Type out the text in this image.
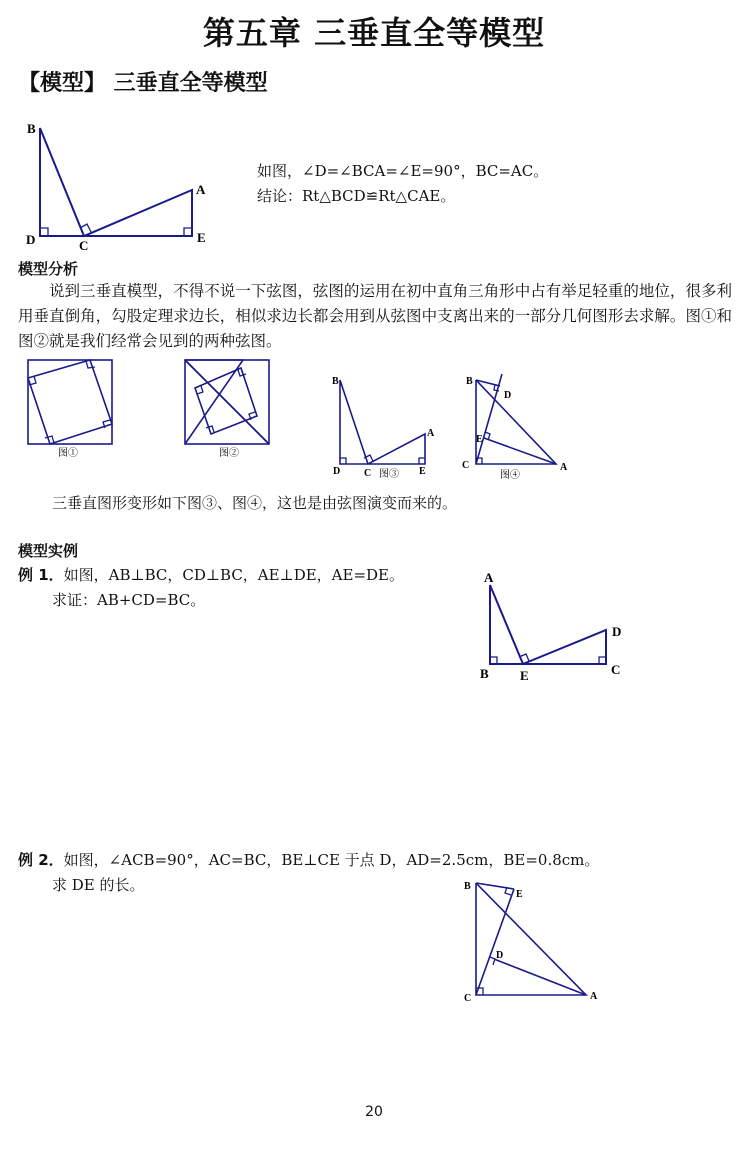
第五章 三垂直全等模型
【模型】 三垂直全等模型
B
A
D	C
E
如图，∠D=∠BCA=∠E=90°，BC=AC。
结论：Rt△BCD≌Rt△CAE。
模型分析
说到三垂直模型，不得不说一下弦图，弦图的运用在初中直角三角形中占有举足轻重的地位，很多利用垂直倒角，勾股定理求边长，相似求边长都会用到从弦图中支离出来的一部分几何图形去求解。图①和图②就是我们经常会见到的两种弦图。
图①	图②
B
A
D C	E
图③
B
D
E
C	A
图④
三垂直图形变形如下图③、图④，这也是由弦图演变而来的。
模型实例
例 1．如图，AB⊥BC，CD⊥BC，AE⊥DE，AE=DE。
求证：AB+CD=BC。
A
D
B E	C
例 2．如图，∠ACB=90°，AC=BC，BE⊥CE 于点 D，AD=2.5cm，BE=0.8cm。
求 DE 的长。	B
E
D
C	A
20
